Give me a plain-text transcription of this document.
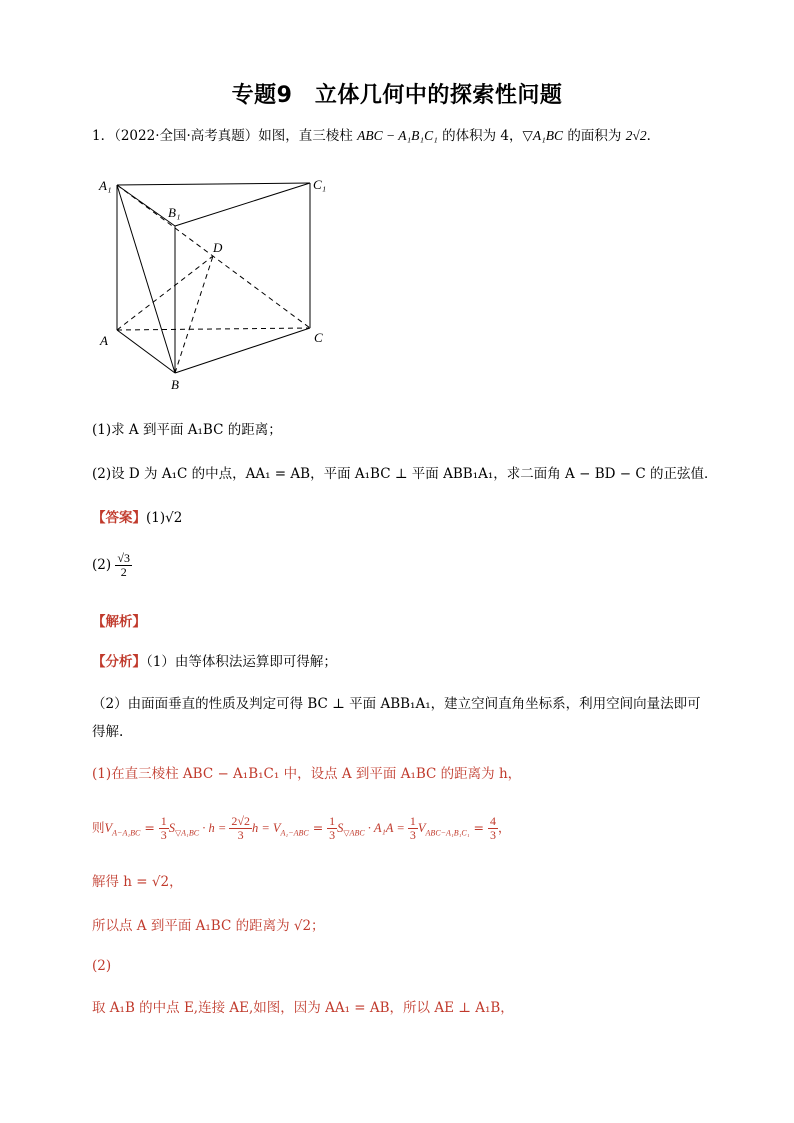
专题9　立体几何中的探索性问题
1．（2022·全国·高考真题）如图，直三棱柱 ABC − A₁B₁C₁ 的体积为 4，▽A₁BC 的面积为 2√2．
A₁
B₁
C₁
D
A
B
C
(1)求 A 到平面 A₁BC 的距离；
(2)设 D 为 A₁C 的中点，AA₁ = AB，平面 A₁BC ⊥ 平面 ABB₁A₁，求二面角 A − BD − C 的正弦值．
【答案】(1)√2
$(2) \frac{√3}{2}$
【解析】
【分析】（1）由等体积法运算即可得解；
（2）由面面垂直的性质及判定可得 BC ⊥ 平面 ABB₁A₁，建立空间直角坐标系，利用空间向量法即可
得解.
(1)在直三棱柱 ABC − A₁B₁C₁ 中，设点 A 到平面 A₁BC 的距离为 h，
则$V_{A-A_1BC} = \frac{1}{3} S_{▽A_1BC} \cdot h = \frac{2√2}{3}$ $h = V_{A_1-ABC} = \frac{1}{3} S_{▽ABC} \cdot A_1A = \frac{1}{3} V_{ABC-A_1B_1C_1} = \frac{4}{3}$ ，
解得 h = √2，
所以点 A 到平面 A₁BC 的距离为 √2；
(2)
取 A₁B 的中点 E,连接 AE,如图，因为 AA₁ = AB，所以 AE ⊥ A₁B，
